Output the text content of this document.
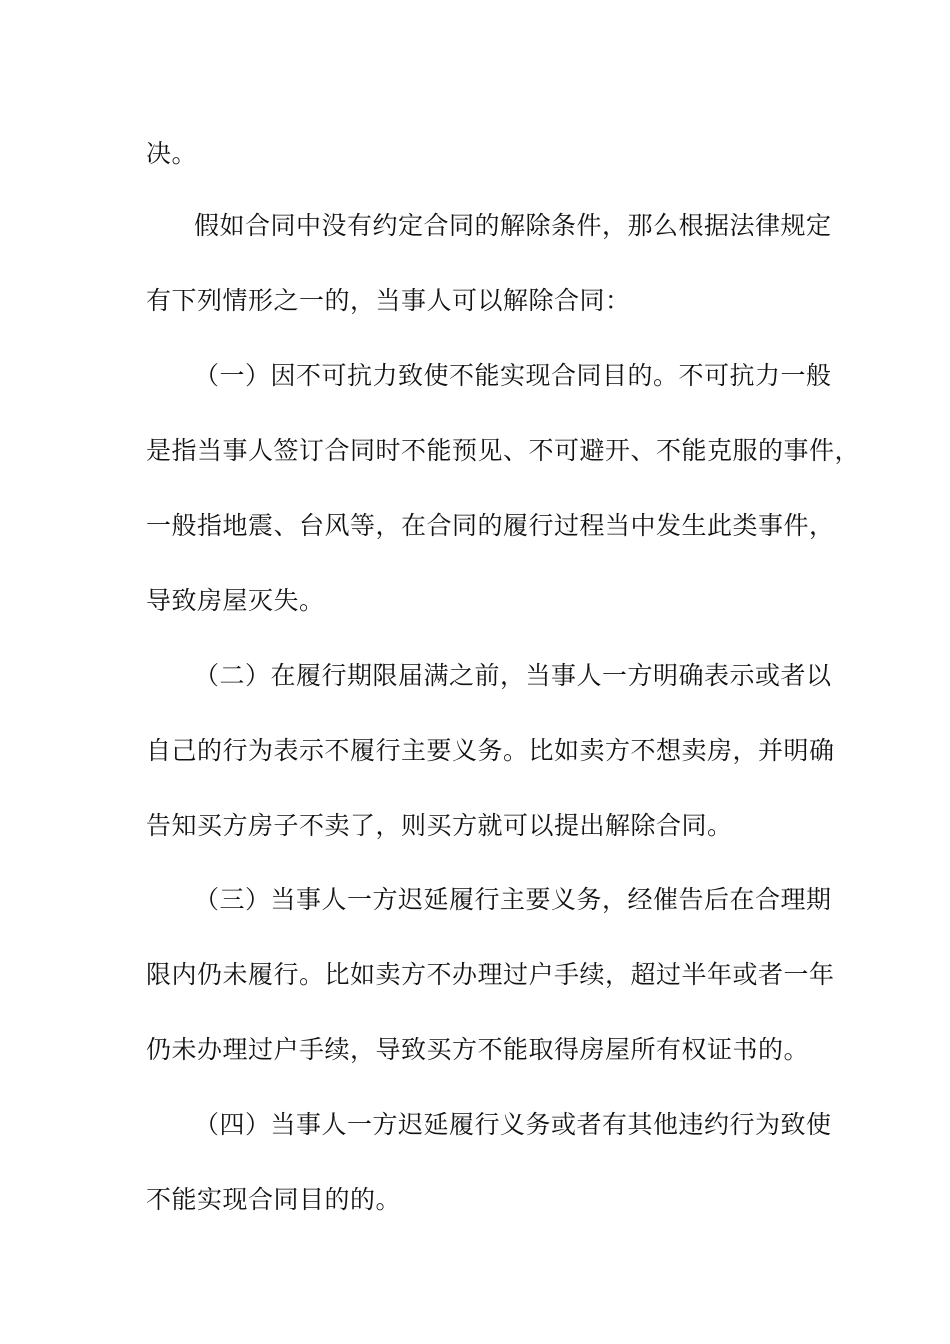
决。
假如合同中没有约定合同的解除条件，那么根据法律规定
有下列情形之一的，当事人可以解除合同：
（一）因不可抗力致使不能实现合同目的。不可抗力一般
是指当事人签订合同时不能预见、不可避开、不能克服的事件，
一般指地震、台风等，在合同的履行过程当中发生此类事件，
导致房屋灭失。
（二）在履行期限届满之前，当事人一方明确表示或者以
自己的行为表示不履行主要义务。比如卖方不想卖房，并明确
告知买方房子不卖了，则买方就可以提出解除合同。
（三）当事人一方迟延履行主要义务，经催告后在合理期
限内仍未履行。比如卖方不办理过户手续，超过半年或者一年
仍未办理过户手续，导致买方不能取得房屋所有权证书的。
（四）当事人一方迟延履行义务或者有其他违约行为致使
不能实现合同目的的。
